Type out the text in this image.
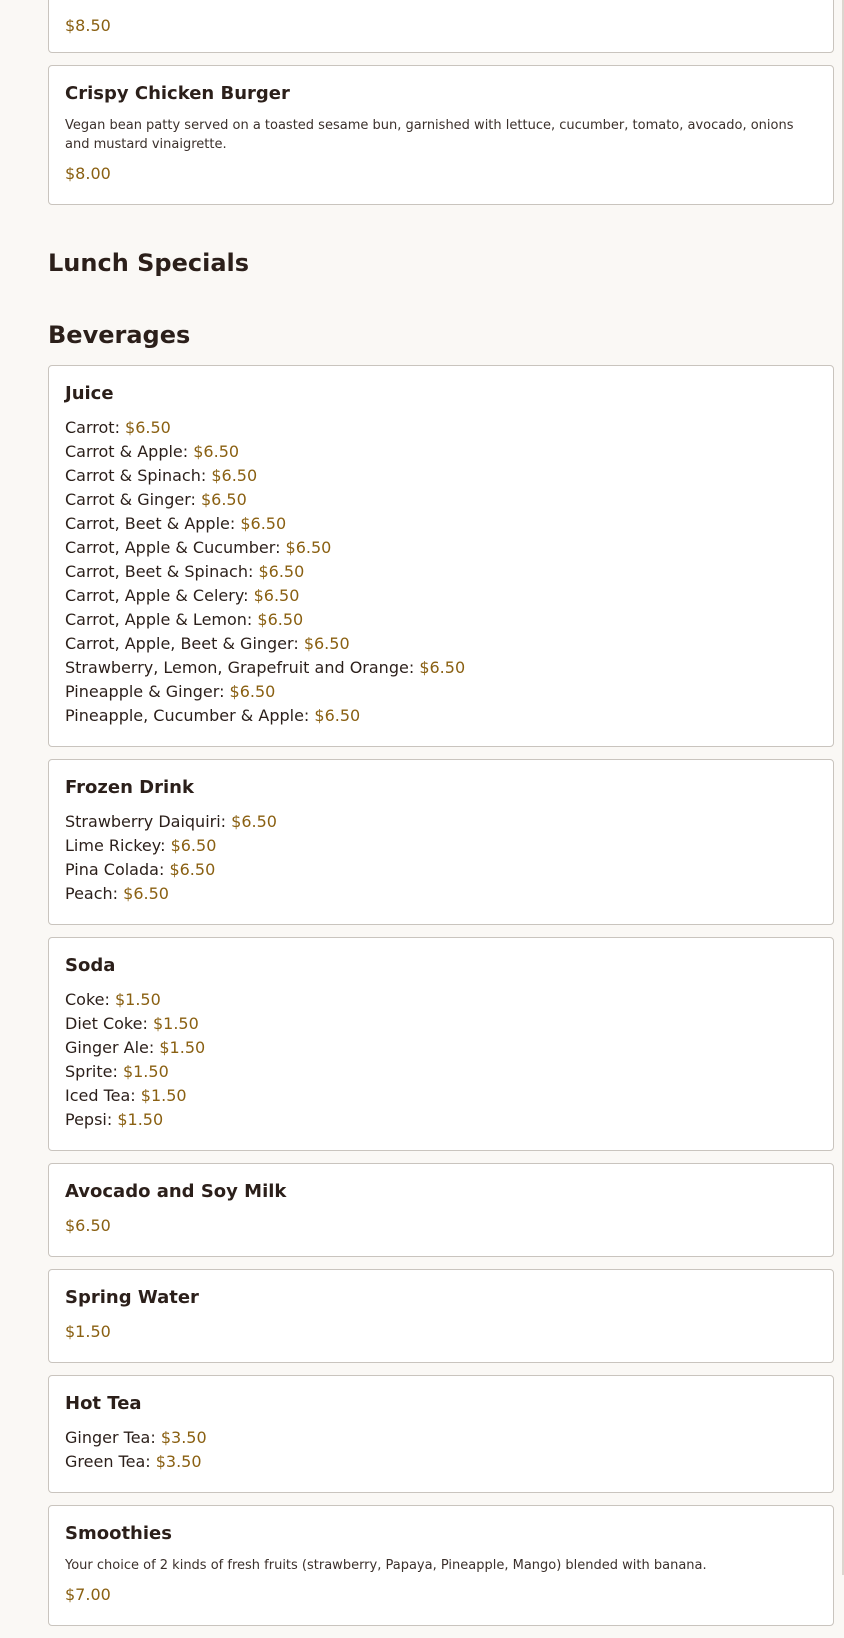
$8.50
Crispy Chicken Burger
Vegan bean patty served on a toasted sesame bun, garnished with lettuce, cucumber, tomato, avocado, onions and mustard vinaigrette.
$8.00
Lunch Specials
Beverages
Juice
Carrot: $6.50
Carrot & Apple: $6.50
Carrot & Spinach: $6.50
Carrot & Ginger: $6.50
Carrot, Beet & Apple: $6.50
Carrot, Apple & Cucumber: $6.50
Carrot, Beet & Spinach: $6.50
Carrot, Apple & Celery: $6.50
Carrot, Apple & Lemon: $6.50
Carrot, Apple, Beet & Ginger: $6.50
Strawberry, Lemon, Grapefruit and Orange: $6.50
Pineapple & Ginger: $6.50
Pineapple, Cucumber & Apple: $6.50
Frozen Drink
Strawberry Daiquiri: $6.50
Lime Rickey: $6.50
Pina Colada: $6.50
Peach: $6.50
Soda
Coke: $1.50
Diet Coke: $1.50
Ginger Ale: $1.50
Sprite: $1.50
Iced Tea: $1.50
Pepsi: $1.50
Avocado and Soy Milk
$6.50
Spring Water
$1.50
Hot Tea
Ginger Tea: $3.50
Green Tea: $3.50
Smoothies
Your choice of 2 kinds of fresh fruits (strawberry, Papaya, Pineapple, Mango) blended with banana.
$7.00
